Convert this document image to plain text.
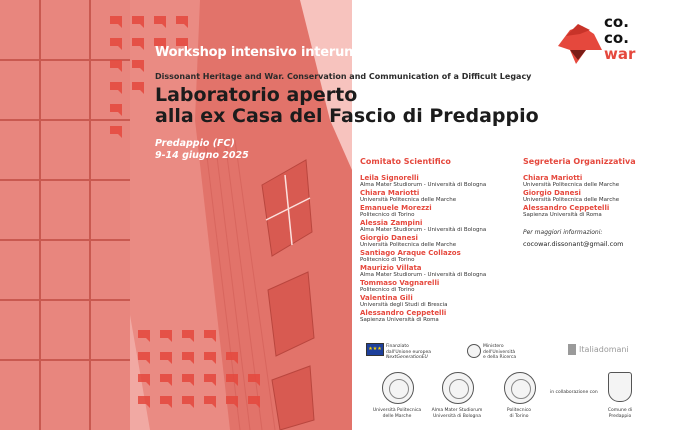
co.
co.
war
Workshop intensivo interuniversitario
Dissonant Heritage and War. Conservation and Communication of a Difficult Legacy
Laboratorio aperto
alla ex Casa del Fascio di Predappio
Predappio (FC)
9-14 giugno 2025
Comitato Scientifico
Leila Signorelli
Alma Mater Studiorum - Università di Bologna
Chiara Mariotti
Università Politecnica delle Marche
Emanuele Morezzi
Politecnico di Torino
Alessia Zampini
Alma Mater Studiorum - Università di Bologna
Giorgio Danesi
Università Politecnica delle Marche
Santiago Araque Collazos
Politecnico di Torino
Maurizio Villata
Alma Mater Studiorum - Università di Bologna
Tommaso Vagnarelli
Politecnico di Torino
Valentina Gili
Università degli Studi di Brescia
Alessandro Ceppetelli
Sapienza Università di Roma
Segreteria Organizzativa
Chiara Mariotti
Università Politecnica delle Marche
Giorgio Danesi
Università Politecnica delle Marche
Alessandro Ceppetelli
Sapienza Università di Roma
Per maggiori informazioni:
cocowar.dissonant@gmail.com
★★★ Finanziato
dall'Unione europea
NextGenerationEU
Ministero
dell'Università
e della Ricerca
Italiadomani
Università Politecnica
delle Marche
Alma Mater Studiorum
Università di Bologna
Politecnico
di Torino
in collaborazione con
Comune di
Predappio
